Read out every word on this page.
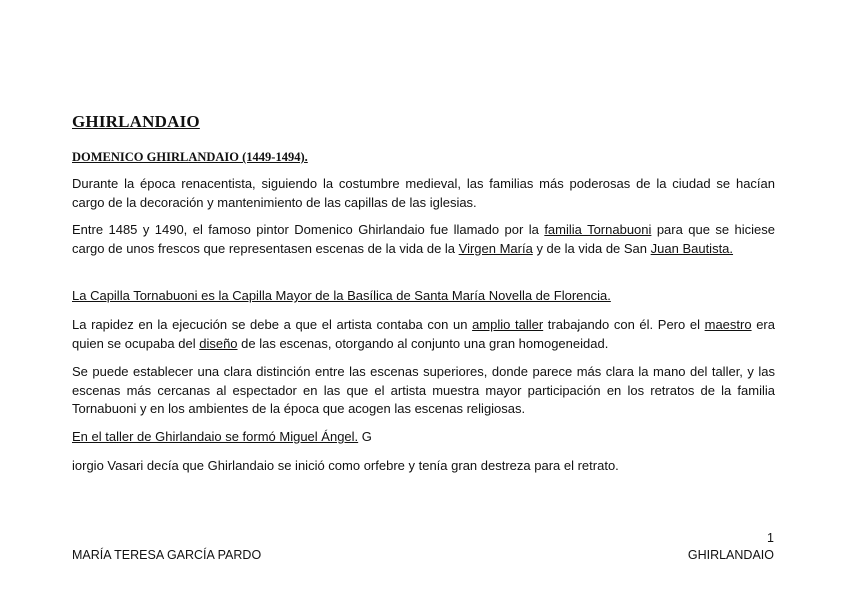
GHIRLANDAIO
DOMENICO GHIRLANDAIO (1449-1494).
Durante la época renacentista, siguiendo la costumbre medieval, las familias más poderosas de la ciudad se hacían cargo de la decoración y mantenimiento de las capillas de las iglesias.
Entre 1485 y 1490, el famoso pintor Domenico Ghirlandaio fue llamado por la familia Tornabuoni para que se hiciese cargo de unos frescos que representasen escenas de la vida de la Virgen María y de la vida de San Juan Bautista.
La Capilla Tornabuoni es la Capilla Mayor de la Basílica de Santa María Novella de Florencia.
La rapidez en la ejecución se debe a que el artista contaba con un amplio taller trabajando con él. Pero el maestro era quien se ocupaba del diseño de las escenas, otorgando al conjunto una gran homogeneidad.
Se puede establecer una clara distinción entre las escenas superiores, donde parece más clara la mano del taller, y las escenas más cercanas al espectador en las que el artista muestra mayor participación en los retratos de la familia Tornabuoni y en los ambientes de la época que acogen las escenas religiosas.
En el taller de Ghirlandaio se formó Miguel Ángel. G
iorgio Vasari decía que Ghirlandaio se inició como orfebre y tenía gran destreza para el retrato.
1
MARÍA TERESA GARCÍA PARDO	GHIRLANDAIO
